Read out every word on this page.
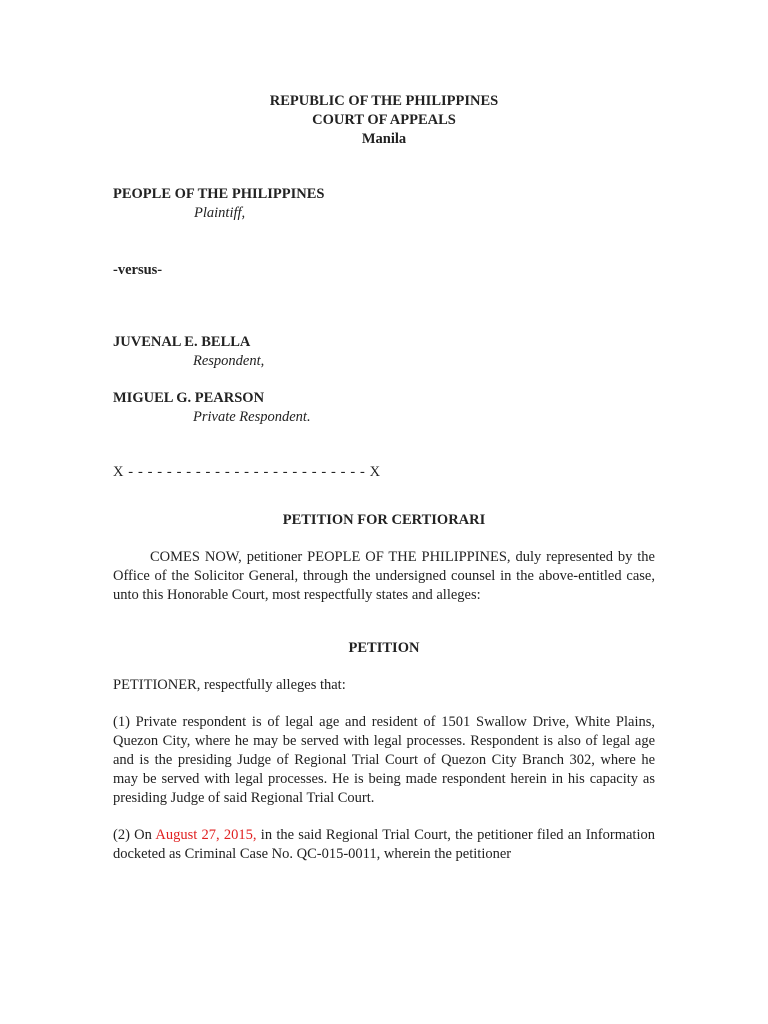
REPUBLIC OF THE PHILIPPINES
COURT OF APPEALS
Manila
PEOPLE OF THE PHILIPPINES
Plaintiff,
-versus-
JUVENAL E. BELLA
Respondent,
MIGUEL G. PEARSON
Private Respondent.
X - - - - - - - - - - - - - - - - - - - - - - - - - X
PETITION FOR CERTIORARI

COMES NOW, petitioner PEOPLE OF THE PHILIPPINES, duly represented by the Office of the Solicitor General, through the undersigned counsel in the above-entitled case, unto this Honorable Court, most respectfully states and alleges:

PETITION

PETITIONER, respectfully alleges that:

(1) Private respondent is of legal age and resident of 1501 Swallow Drive, White Plains, Quezon City, where he may be served with legal processes. Respondent is also of legal age and is the presiding Judge of Regional Trial Court of Quezon City Branch 302, where he may be served with legal processes. He is being made respondent herein in his capacity as presiding Judge of said Regional Trial Court.

(2) On August 27, 2015, in the said Regional Trial Court, the petitioner filed an Information docketed as Criminal Case No. QC-015-0011, wherein the petitioner
